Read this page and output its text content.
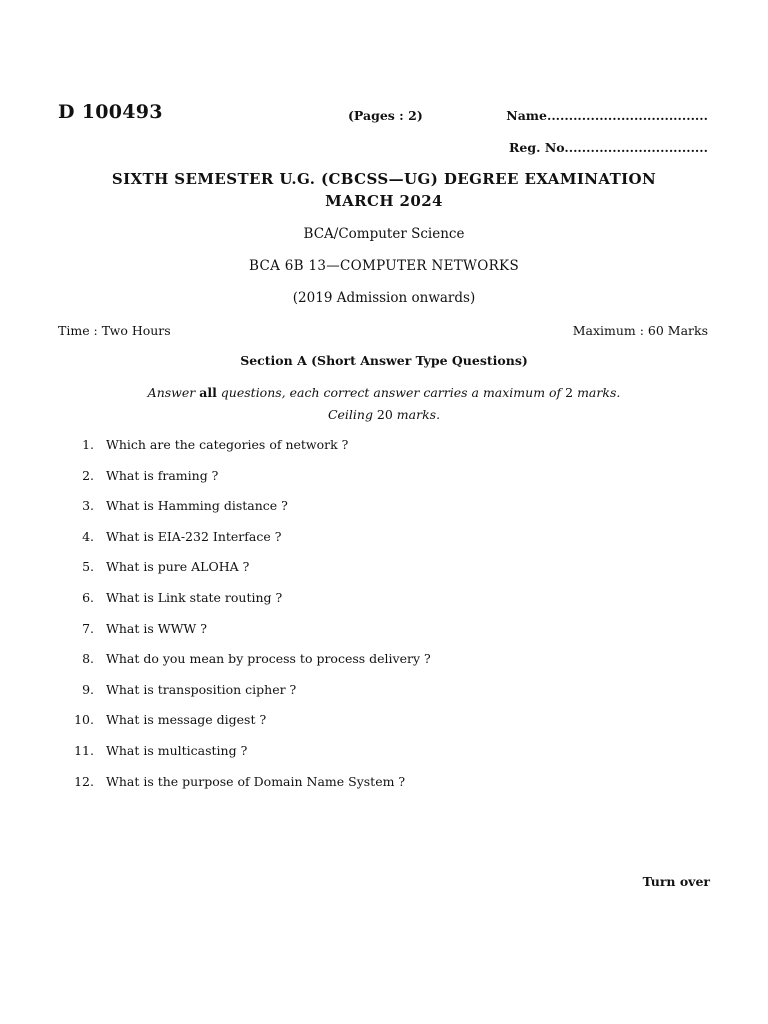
D 100493	(Pages : 2)	Name.....................................
Reg. No.................................
SIXTH SEMESTER U.G. (CBCSS—UG) DEGREE EXAMINATION
MARCH 2024
BCA/Computer Science
BCA 6B 13—COMPUTER NETWORKS
(2019 Admission onwards)
Time : Two Hours	Maximum : 60 Marks
Section A (Short Answer Type Questions)
Answer all questions, each correct answer carries a maximum of 2 marks.
Ceiling 20 marks.
1. Which are the categories of network ?
2. What is framing ?
3. What is Hamming distance ?
4. What is EIA-232 Interface ?
5. What is pure ALOHA ?
6. What is Link state routing ?
7. What is WWW ?
8. What do you mean by process to process delivery ?
9. What is transposition cipher ?
10. What is message digest ?
11. What is multicasting ?
12. What is the purpose of Domain Name System ?
Turn over
